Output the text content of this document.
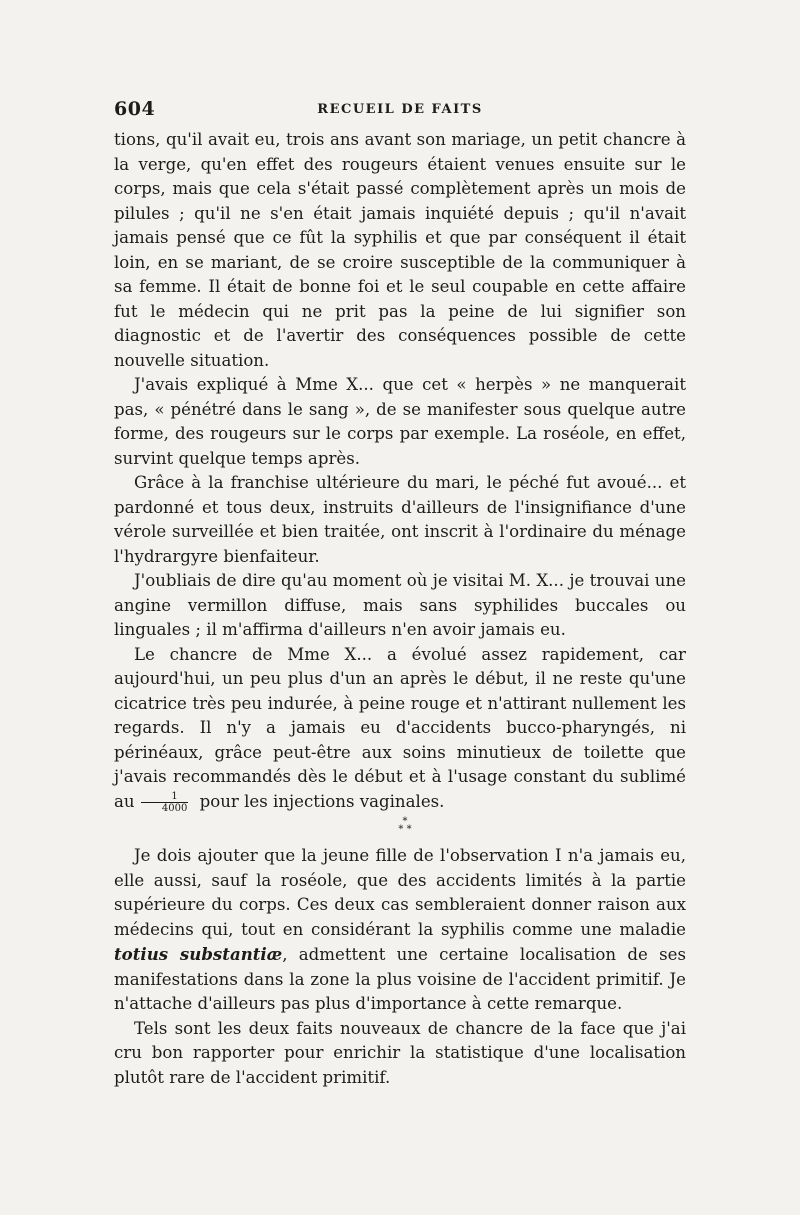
604	RECUEIL DE FAITS

tions, qu'il avait eu, trois ans avant son mariage, un petit chancre à la verge, qu'en effet des rougeurs étaient venues ensuite sur le corps, mais que cela s'était passé complètement après un mois de pilules ; qu'il ne s'en était jamais inquiété depuis ; qu'il n'avait jamais pensé que ce fût la syphilis et que par conséquent il était loin, en se mariant, de se croire susceptible de la communiquer à sa femme. Il était de bonne foi et le seul coupable en cette affaire fut le médecin qui ne prit pas la peine de lui signifier son diagnostic et de l'avertir des conséquences possible de cette nouvelle situation.

J'avais expliqué à Mme X... que cet « herpès » ne manquerait pas, « pénétré dans le sang », de se manifester sous quelque autre forme, des rougeurs sur le corps par exemple. La roséole, en effet, survint quelque temps après.

Grâce à la franchise ultérieure du mari, le péché fut avoué... et pardonné et tous deux, instruits d'ailleurs de l'insignifiance d'une vérole surveillée et bien traitée, ont inscrit à l'ordinaire du ménage l'hydrargyre bienfaiteur.

J'oubliais de dire qu'au moment où je visitai M. X... je trouvai une angine vermillon diffuse, mais sans syphilides buccales ou linguales ; il m'affirma d'ailleurs n'en avoir jamais eu.

Le chancre de Mme X... a évolué assez rapidement, car aujourd'hui, un peu plus d'un an après le début, il ne reste qu'une cicatrice très peu indurée, à peine rouge et n'attirant nullement les regards. Il n'y a jamais eu d'accidents bucco-pharyngés, ni périnéaux, grâce peut-être aux soins minutieux de toilette que j'avais recommandés dès le début et à l'usage constant du sublimé au $\frac{1}{4000}$ pour les injections vaginales.

*
* *

Je dois ajouter que la jeune fille de l'observation I n'a jamais eu, elle aussi, sauf la roséole, que des accidents limités à la partie supérieure du corps. Ces deux cas sembleraient donner raison aux médecins qui, tout en considérant la syphilis comme une maladie totius substantiæ, admettent une certaine localisation de ses manifestations dans la zone la plus voisine de l'accident primitif. Je n'attache d'ailleurs pas plus d'importance à cette remarque.

Tels sont les deux faits nouveaux de chancre de la face que j'ai cru bon rapporter pour enrichir la statistique d'une localisation plutôt rare de l'accident primitif.
